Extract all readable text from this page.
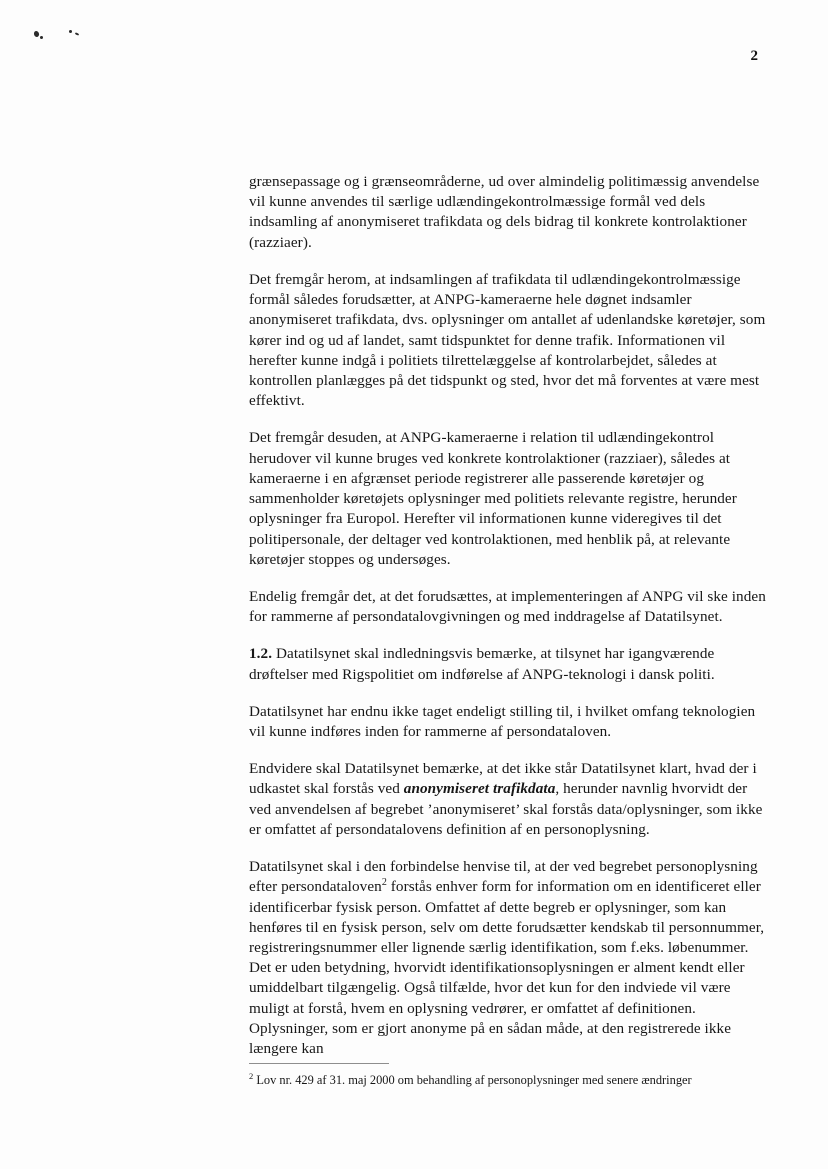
2

grænsepassage og i grænseområderne, ud over almindelig politimæssig anvendelse vil kunne anvendes til særlige udlændingekontrolmæssige formål ved dels indsamling af anonymiseret trafikdata og dels bidrag til konkrete kontrolaktioner (razziaer).

Det fremgår herom, at indsamlingen af trafikdata til udlændingekontrolmæssige formål således forudsætter, at ANPG-kameraerne hele døgnet indsamler anonymiseret trafikdata, dvs. oplysninger om antallet af udenlandske køretøjer, som kører ind og ud af landet, samt tidspunktet for denne trafik. Informationen vil herefter kunne indgå i politiets tilrettelæggelse af kontrolarbejdet, således at kontrollen planlægges på det tidspunkt og sted, hvor det må forventes at være mest effektivt.

Det fremgår desuden, at ANPG-kameraerne i relation til udlændingekontrol herudover vil kunne bruges ved konkrete kontrolaktioner (razziaer), således at kameraerne i en afgrænset periode registrerer alle passerende køretøjer og sammenholder køretøjets oplysninger med politiets relevante registre, herunder oplysninger fra Europol. Herefter vil informationen kunne videregives til det politipersonale, der deltager ved kontrolaktionen, med henblik på, at relevante køretøjer stoppes og undersøges.

Endelig fremgår det, at det forudsættes, at implementeringen af ANPG vil ske inden for rammerne af persondatalovgivningen og med inddragelse af Datatilsynet.

1.2. Datatilsynet skal indledningsvis bemærke, at tilsynet har igangværende drøftelser med Rigspolitiet om indførelse af ANPG-teknologi i dansk politi.

Datatilsynet har endnu ikke taget endeligt stilling til, i hvilket omfang teknologien vil kunne indføres inden for rammerne af persondataloven.

Endvidere skal Datatilsynet bemærke, at det ikke står Datatilsynet klart, hvad der i udkastet skal forstås ved anonymiseret trafikdata, herunder navnlig hvorvidt der ved anvendelsen af begrebet ’anonymiseret’ skal forstås data/oplysninger, som ikke er omfattet af persondatalovens definition af en personoplysning.

Datatilsynet skal i den forbindelse henvise til, at der ved begrebet personoplysning efter persondataloven$^2$ forstås enhver form for information om en identificeret eller identificerbar fysisk person. Omfattet af dette begreb er oplysninger, som kan henføres til en fysisk person, selv om dette forudsætter kendskab til personnummer, registreringsnummer eller lignende særlig identifikation, som f.eks. løbenummer. Det er uden betydning, hvorvidt identifikationsoplysningen er alment kendt eller umiddelbart tilgængelig. Også tilfælde, hvor det kun for den indviede vil være muligt at forstå, hvem en oplysning vedrører, er omfattet af definitionen. Oplysninger, som er gjort anonyme på en sådan måde, at den registrerede ikke længere kan

$^2$ Lov nr. 429 af 31. maj 2000 om behandling af personoplysninger med senere ændringer
